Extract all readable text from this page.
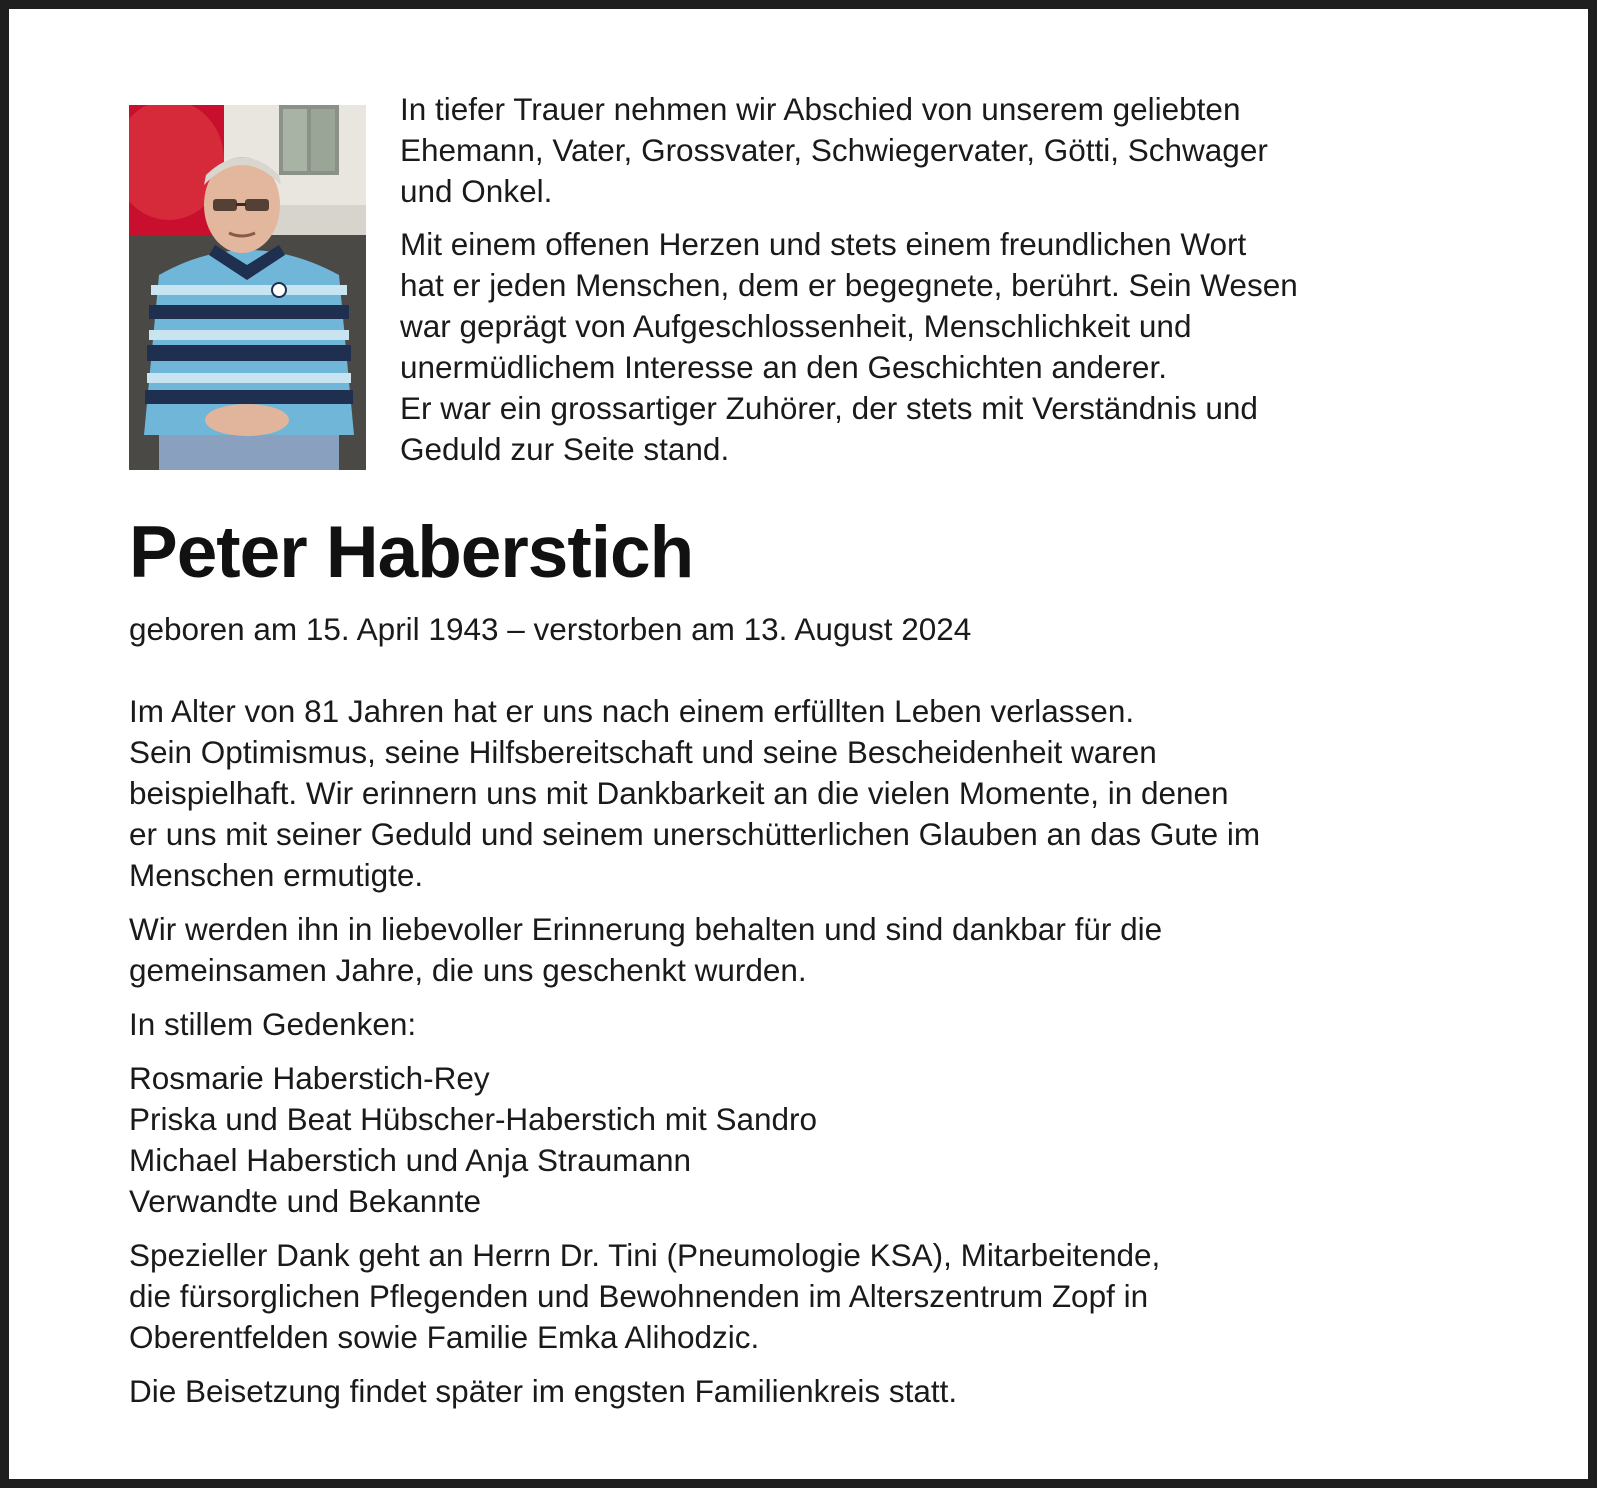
In tiefer Trauer nehmen wir Abschied von unserem geliebten
Ehemann, Vater, Grossvater, Schwiegervater, Götti, Schwager
und Onkel.

Mit einem offenen Herzen und stets einem freundlichen Wort
hat er jeden Menschen, dem er begegnete, berührt. Sein Wesen
war geprägt von Aufgeschlossenheit, Menschlichkeit und
unermüdlichem Interesse an den Geschichten anderer.
Er war ein grossartiger Zuhörer, der stets mit Verständnis und
Geduld zur Seite stand.

Peter Haberstich

geboren am 15. April 1943 – verstorben am 13. August 2024

Im Alter von 81 Jahren hat er uns nach einem erfüllten Leben verlassen.
Sein Optimismus, seine Hilfsbereitschaft und seine Bescheidenheit waren
beispielhaft. Wir erinnern uns mit Dankbarkeit an die vielen Momente, in denen
er uns mit seiner Geduld und seinem unerschütterlichen Glauben an das Gute im
Menschen ermutigte.

Wir werden ihn in liebevoller Erinnerung behalten und sind dankbar für die
gemeinsamen Jahre, die uns geschenkt wurden.

In stillem Gedenken:

Rosmarie Haberstich-Rey
Priska und Beat Hübscher-Haberstich mit Sandro
Michael Haberstich und Anja Straumann
Verwandte und Bekannte

Spezieller Dank geht an Herrn Dr. Tini (Pneumologie KSA), Mitarbeitende,
die fürsorglichen Pflegenden und Bewohnenden im Alterszentrum Zopf in
Oberentfelden sowie Familie Emka Alihodzic.

Die Beisetzung findet später im engsten Familienkreis statt.
